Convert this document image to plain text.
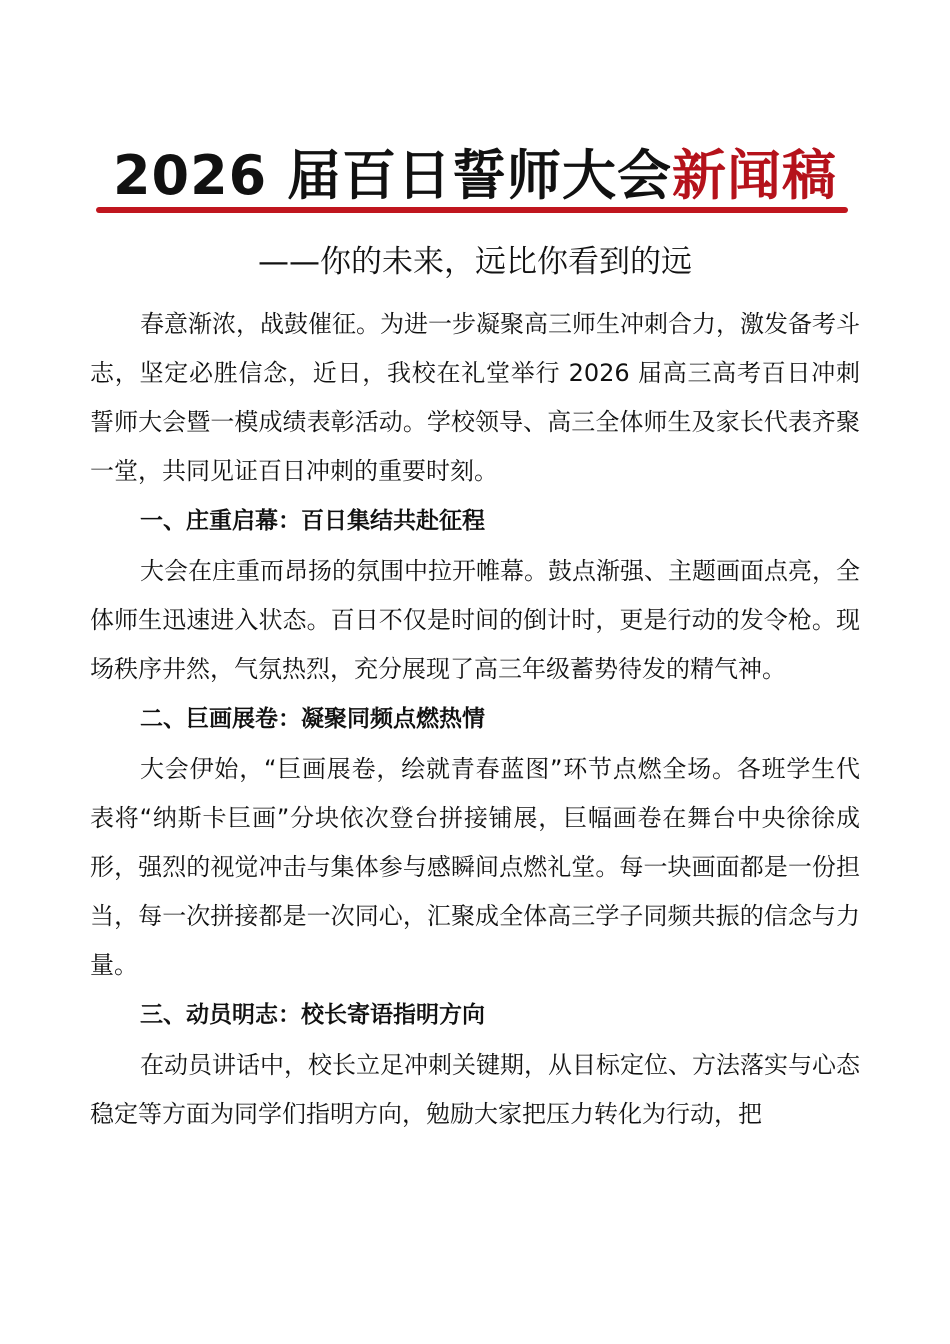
2026 届百日誓师大会新闻稿
——你的未来，远比你看到的远

春意渐浓，战鼓催征。为进一步凝聚高三师生冲刺合力，激发备考斗志，坚定必胜信念，近日，我校在礼堂举行 2026 届高三高考百日冲刺誓师大会暨一模成绩表彰活动。学校领导、高三全体师生及家长代表齐聚一堂，共同见证百日冲刺的重要时刻。

一、庄重启幕：百日集结共赴征程

大会在庄重而昂扬的氛围中拉开帷幕。鼓点渐强、主题画面点亮，全体师生迅速进入状态。百日不仅是时间的倒计时，更是行动的发令枪。现场秩序井然，气氛热烈，充分展现了高三年级蓄势待发的精气神。

二、巨画展卷：凝聚同频点燃热情

大会伊始，“巨画展卷，绘就青春蓝图”环节点燃全场。各班学生代表将“纳斯卡巨画”分块依次登台拼接铺展，巨幅画卷在舞台中央徐徐成形，强烈的视觉冲击与集体参与感瞬间点燃礼堂。每一块画面都是一份担当，每一次拼接都是一次同心，汇聚成全体高三学子同频共振的信念与力量。

三、动员明志：校长寄语指明方向

在动员讲话中，校长立足冲刺关键期，从目标定位、方法落实与心态稳定等方面为同学们指明方向，勉励大家把压力转化为行动，把
